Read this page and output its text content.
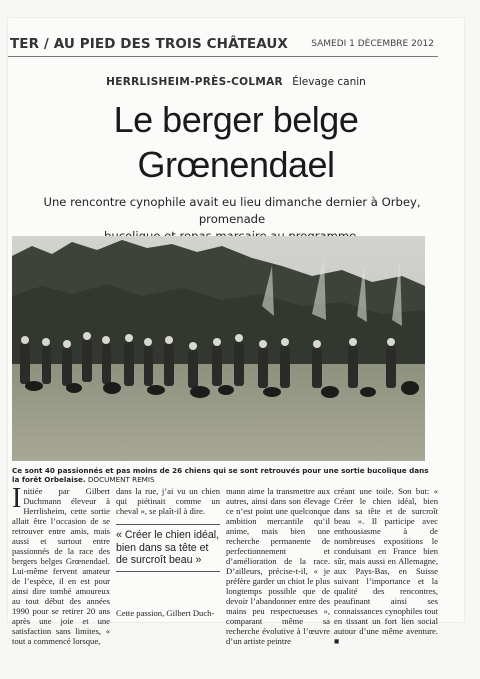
TER / AU PIED DES TROIS CHÂTEAUX	SAMEDI 1 DÉCEMBRE 2012
HERRLISHEIM-PRÈS-COLMAR Élevage canin
Le berger belge
Grœnendael
Une rencontre cynophile avait eu lieu dimanche dernier à Orbey, promenade
Ce sont 40 passionnés et pas moins de 26 chiens qui se sont retrouvés pour une sortie bucolique dans la forêt Orbelaise. DOCUMENT REMIS
Initiée par Gilbert Duchmann éleveur à Herrlisheim, cette sortie allait être l’occasion de se retrouver entre amis, mais aussi et surtout entre passionnés de la race des bergers belges Grœnendael. Lui-même fervent amateur de l’espèce, il en est pour ainsi dire tombé amoureux au tout début des années 1990 pour se retirer 20 ans après une joie et une satisfaction sans limites, « tout a commencé lorsque,
dans la rue, j’ai vu un chien qui piétinait comme un cheval », se plaît-il à dire.
« Créer le chien idéal, bien dans sa tête et de surcroît beau »
Cette passion, Gilbert Duch-
mann aime la transmettre aux autres, ainsi dans son élevage ce n’est point une quelconque ambition mercantile qu’il anime, mais bien une recherche permanente de perfectionnement et d’amélioration de la race. D’ailleurs, précise-t-il, « je préfère garder un chiot le plus longtemps possible que de devoir l’abandonner entre des mains peu respectueuses », comparant même sa recherche évolutive à l’œuvre d’un artiste peintre
créant une toile. Son but: « Créer le chien idéal, bien dans sa tête et de surcroît beau ». Il participe avec enthousiasme à de nombreuses expositions le conduisant en France bien sûr, mais aussi en Allemagne, aux Pays-Bas, en Suisse suivant l’importance et la qualité des rencontres, peaufinant ainsi ses connaissances cynophiles tout en tissant un fort lien social autour d’une même aventure. ■
